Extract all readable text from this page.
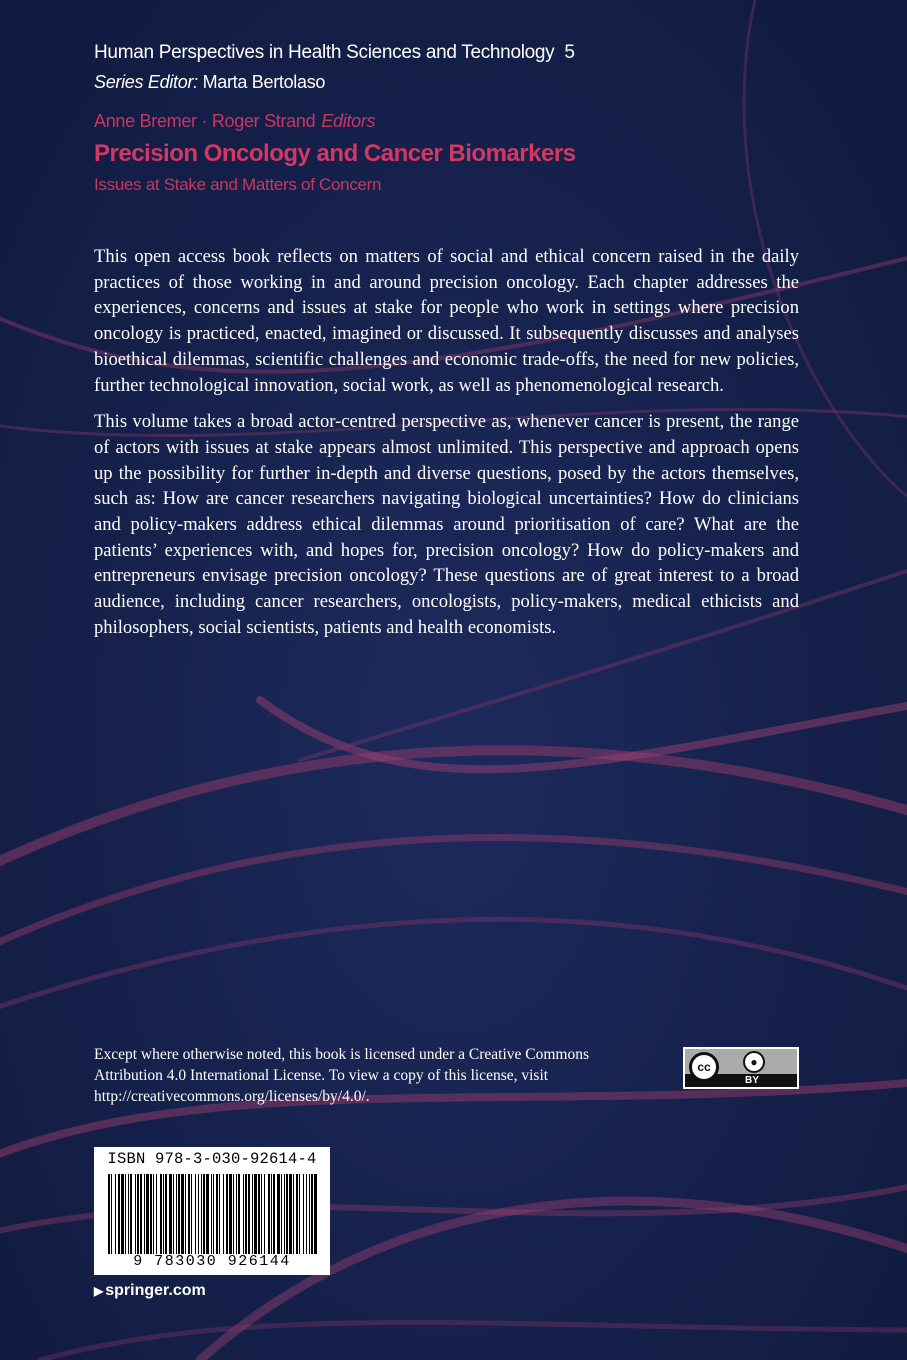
Human Perspectives in Health Sciences and Technology 5
Series Editor: Marta Bertolaso
Anne Bremer · Roger Strand Editors
Precision Oncology and Cancer Biomarkers
Issues at Stake and Matters of Concern

This open access book reflects on matters of social and ethical concern raised in the daily practices of those working in and around precision oncology. Each chapter addresses the experiences, concerns and issues at stake for people who work in settings where precision oncology is practiced, enacted, imagined or discussed. It subsequently discusses and analyses bioethical dilemmas, scientific challenges and economic trade-offs, the need for new policies, further technological innovation, social work, as well as phenomenological research.

This volume takes a broad actor-centred perspective as, whenever cancer is present, the range of actors with issues at stake appears almost unlimited. This perspective and approach opens up the possibility for further in-depth and diverse questions, posed by the actors themselves, such as: How are cancer researchers navigating biological uncertainties? How do clinicians and policy-makers address ethical dilemmas around prioritisation of care? What are the patients’ experiences with, and hopes for, precision oncology? How do policy-makers and entrepreneurs envisage precision oncology? These questions are of great interest to a broad audience, including cancer researchers, oncologists, policy-makers, medical ethicists and philosophers, social scientists, patients and health economists.

Except where otherwise noted, this book is licensed under a Creative Commons Attribution 4.0 International License. To view a copy of this license, visit http://creativecommons.org/licenses/by/4.0/.
cc	●
BY
ISBN 978-3-030-92614-4
9 783030 926144
▶ springer.com
